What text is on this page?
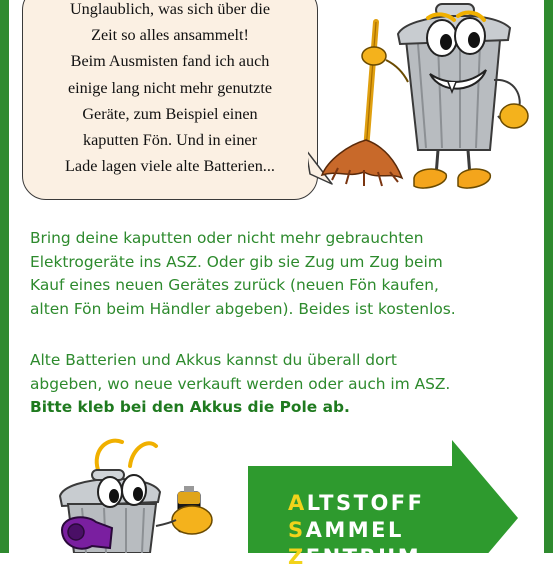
Unglaublich, was sich über die
Zeit so alles ansammelt!
Beim Ausmisten fand ich auch
einige lang nicht mehr genutzte
Geräte, zum Beispiel einen
kaputten Fön. Und in einer
Lade lagen viele alte Batterien...

Bring deine kaputten oder nicht mehr gebrauchten
Elektrogeräte ins ASZ. Oder gib sie Zug um Zug beim
Kauf eines neuen Gerätes zurück (neuen Fön kaufen,
alten Fön beim Händler abgeben). Beides ist kostenlos.

Alte Batterien und Akkus kannst du überall dort
abgeben, wo neue verkauft werden oder auch im ASZ.
Bitte kleb bei den Akkus die Pole ab.

ALTSTOFF
SAMMEL
ZENTRUM
